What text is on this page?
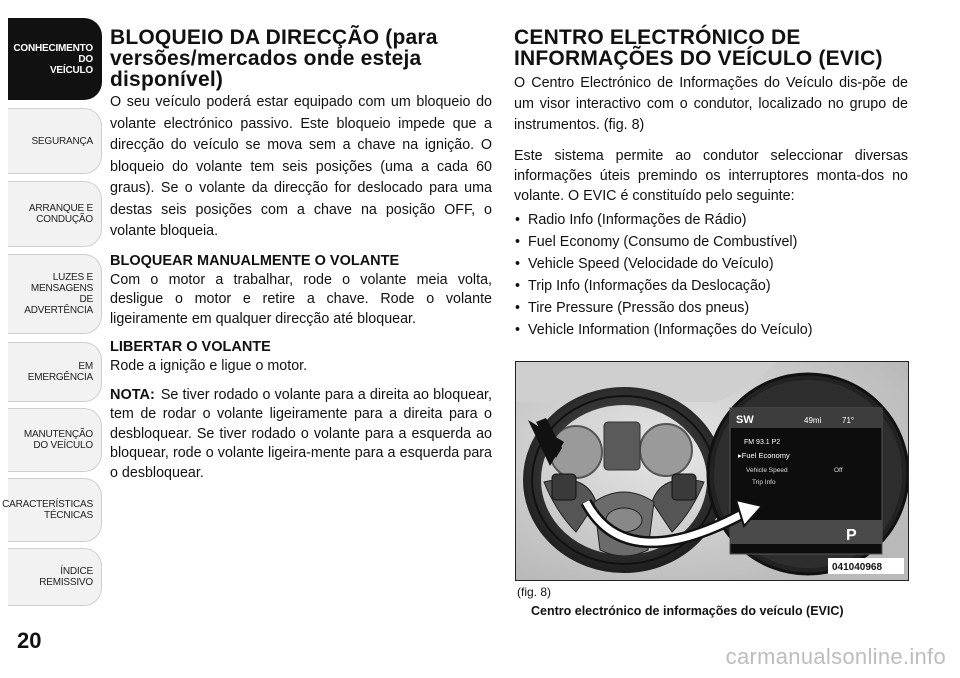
CONHECIMENTO
DO
VEÍCULO
SEGURANÇA
ARRANQUE E
CONDUÇÃO
LUZES E
MENSAGENS
DE
ADVERTÊNCIA
EM
EMERGÊNCIA
MANUTENÇÃO
DO VEÍCULO
CARACTERÍSTICAS
TÉCNICAS
ÍNDICE
REMISSIVO
BLOQUEIO DA DIRECÇÃO (para versões/mercados onde esteja disponível)

O seu veículo poderá estar equipado com um bloqueio do volante electrónico passivo. Este bloqueio impede que a direcção do veículo se mova sem a chave na ignição. O bloqueio do volante tem seis posições (uma a cada 60 graus). Se o volante da direcção for deslocado para uma destas seis posições com a chave na posição OFF, o volante bloqueia.

BLOQUEAR MANUALMENTE O VOLANTE

Com o motor a trabalhar, rode o volante meia volta, desligue o motor e retire a chave. Rode o volante ligeiramente em qualquer direcção até bloquear.

LIBERTAR O VOLANTE

Rode a ignição e ligue o motor.

NOTA: Se tiver rodado o volante para a direita ao bloquear, tem de rodar o volante ligeiramente para a direita para o desbloquear. Se tiver rodado o volante para a esquerda ao bloquear, rode o volante ligeira-mente para a esquerda para o desbloquear.

CENTRO ELECTRÓNICO DE INFORMAÇÕES DO VEÍCULO (EVIC)

O Centro Electrónico de Informações do Veículo dis-põe de um visor interactivo com o condutor, localizado no grupo de instrumentos. (fig. 8)

Este sistema permite ao condutor seleccionar diversas informações úteis premindo os interruptores monta-dos no volante. O EVIC é constituído pelo seguinte:

• Radio Info (Informações de Rádio)
• Fuel Economy (Consumo de Combustível)
• Vehicle Speed (Velocidade do Veículo)
• Trip Info (Informações da Deslocação)
• Tire Pressure (Pressão dos pneus)
• Vehicle Information (Informações do Veículo)
SW	49mi	71°
FM 93.1 P2
▸Fuel Economy
Vehicle Speed	Off
Trip Info
P
041040968
(fig. 8)
Centro electrónico de informações do veículo (EVIC)
20
carmanualsonline.info
